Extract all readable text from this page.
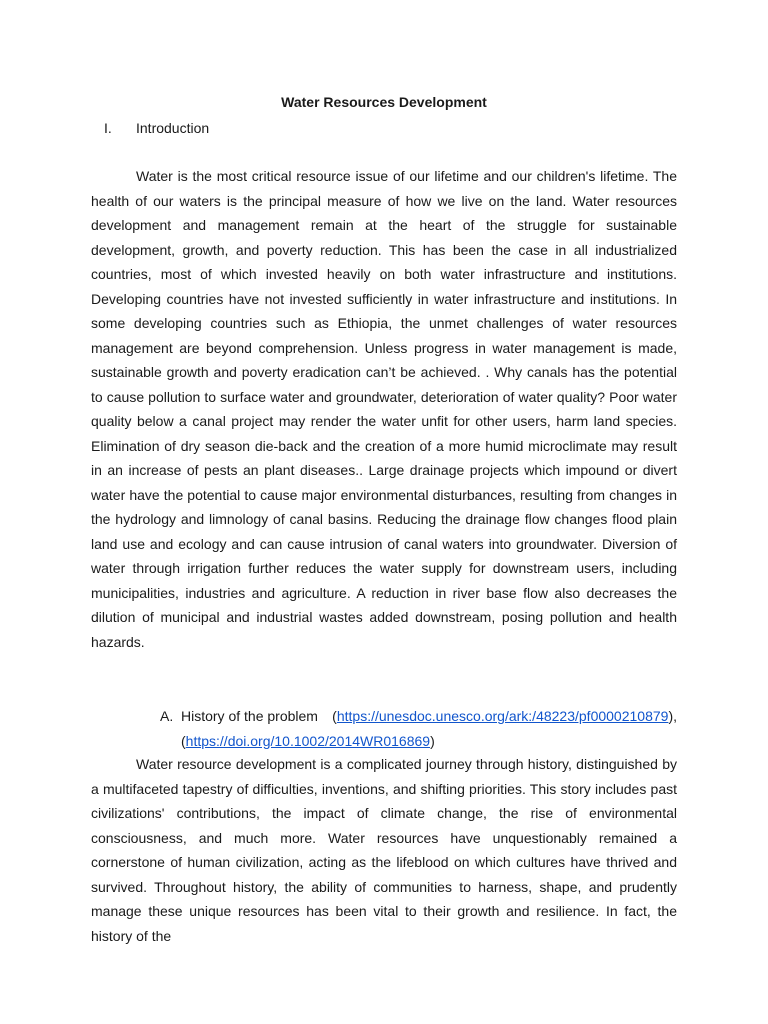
Water Resources Development
I. Introduction

Water is the most critical resource issue of our lifetime and our children's lifetime. The health of our waters is the principal measure of how we live on the land. Water resources development and management remain at the heart of the struggle for sustainable development, growth, and poverty reduction. This has been the case in all industrialized countries, most of which invested heavily on both water infrastructure and institutions. Developing countries have not invested sufficiently in water infrastructure and institutions. In some developing countries such as Ethiopia, the unmet challenges of water resources management are beyond comprehension. Unless progress in water management is made, sustainable growth and poverty eradication can’t be achieved. . Why canals has the potential to cause pollution to surface water and groundwater, deterioration of water quality? Poor water quality below a canal project may render the water unfit for other users, harm land species. Elimination of dry season die-back and the creation of a more humid microclimate may result in an increase of pests an plant diseases.. Large drainage projects which impound or divert water have the potential to cause major environmental disturbances, resulting from changes in the hydrology and limnology of canal basins. Reducing the drainage flow changes flood plain land use and ecology and can cause intrusion of canal waters into groundwater. Diversion of water through irrigation further reduces the water supply for downstream users, including municipalities, industries and agriculture. A reduction in river base flow also decreases the dilution of municipal and industrial wastes added downstream, posing pollution and health hazards.

A. History of the problem (https://unesdoc.unesco.org/ark:/48223/pf0000210879),
(https://doi.org/10.1002/2014WR016869)

Water resource development is a complicated journey through history, distinguished by a multifaceted tapestry of difficulties, inventions, and shifting priorities. This story includes past civilizations' contributions, the impact of climate change, the rise of environmental consciousness, and much more. Water resources have unquestionably remained a cornerstone of human civilization, acting as the lifeblood on which cultures have thrived and survived. Throughout history, the ability of communities to harness, shape, and prudently manage these unique resources has been vital to their growth and resilience. In fact, the history of the
